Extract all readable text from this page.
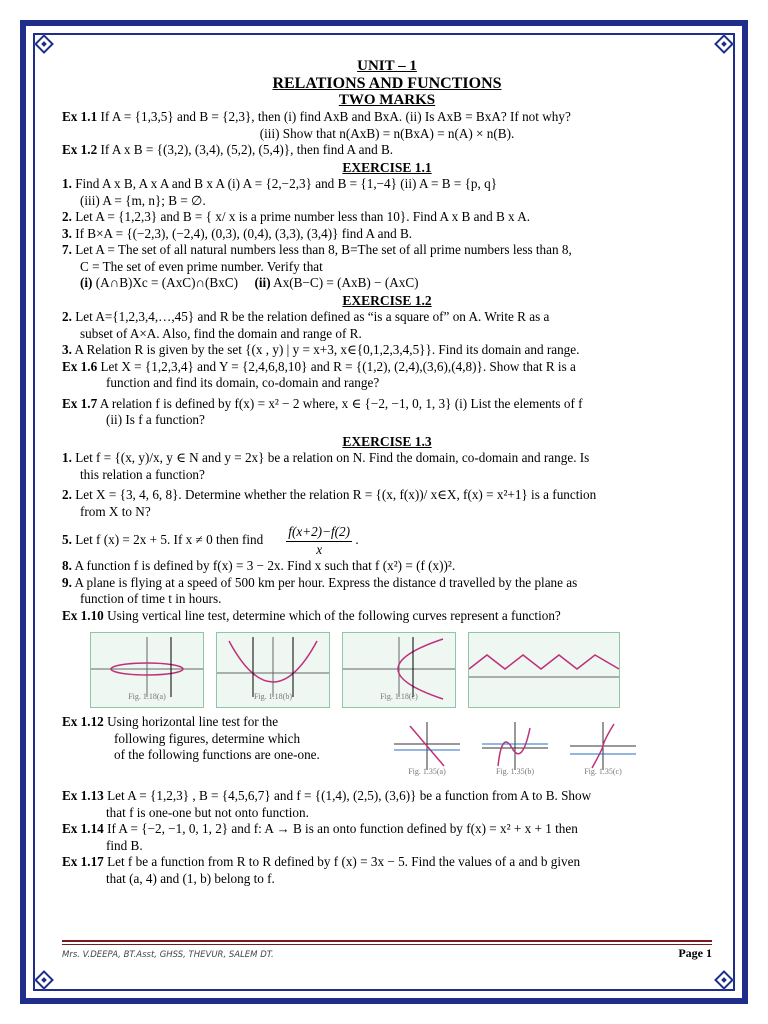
UNIT – 1
RELATIONS AND FUNCTIONS
TWO MARKS

Ex 1.1 If A = {1,3,5} and B = {2,3}, then (i) find AxB and BxA. (ii) Is AxB = BxA? If not why?

(iii) Show that n(AxB) = n(BxA) = n(A) × n(B).

Ex 1.2 If A x B = {(3,2), (3,4), (5,2), (5,4)}, then find A and B.

EXERCISE 1.1

1. Find A x B, A x A and B x A (i) A = {2,−2,3} and B = {1,−4} (ii) A = B = {p, q}

(iii) A = {m, n}; B = ∅.

2. Let A = {1,2,3} and B = { x/ x is a prime number less than 10}. Find A x B and B x A.

3. If B×A = {(−2,3), (−2,4), (0,3), (0,4), (3,3), (3,4)} find A and B.

7. Let A = The set of all natural numbers less than 8, B=The set of all prime numbers less than 8,

C = The set of even prime number. Verify that

(i) (A∩B)Xc = (AxC)∩(BxC) (ii) Ax(B−C) = (AxB) − (AxC)

EXERCISE 1.2

2. Let A={1,2,3,4,…,45} and R be the relation defined as “is a square of” on A. Write R as a

subset of A×A. Also, find the domain and range of R.

3. A Relation R is given by the set {(x , y) | y = x+3, x∈{0,1,2,3,4,5}}. Find its domain and range.

Ex 1.6 Let X = {1,2,3,4} and Y = {2,4,6,8,10} and R = {(1,2), (2,4),(3,6),(4,8)}. Show that R is a

function and find its domain, co-domain and range?

Ex 1.7 A relation f is defined by f(x) = x² − 2 where, x ∈ {−2, −1, 0, 1, 3} (i) List the elements of f

(ii) Is f a function?

EXERCISE 1.3

1. Let f = {(x, y)/x, y ∈ N and y = 2x} be a relation on N. Find the domain, co-domain and range. Is

this relation a function?

2. Let X = {3, 4, 6, 8}. Determine whether the relation R = {(x, f(x))/ x∈X, f(x) = x²+1} is a function

from X to N?

5. Let f (x) = 2x + 5. If x ≠ 0 then find $\frac{f(x+2)-f(2)}{x}$ .

8. A function f is defined by f(x) = 3 − 2x. Find x such that f (x²) = (f (x))².

9. A plane is flying at a speed of 500 km per hour. Express the distance d travelled by the plane as

function of time t in hours.

Ex 1.10 Using vertical line test, determine which of the following curves represent a function?

Fig. 1.18(a)	Fig. 1.18(b)	Fig. 1.18(c)

Ex 1.12 Using horizontal line test for the

following figures, determine which

of the following functions are one-one.

Fig. 1.35(a)	Fig. 1.35(b)	Fig. 1.35(c)

Ex 1.13 Let A = {1,2,3} , B = {4,5,6,7} and f = {(1,4), (2,5), (3,6)} be a function from A to B. Show

that f is one-one but not onto function.

Ex 1.14 If A = {−2, −1, 0, 1, 2} and f: A → B is an onto function defined by f(x) = x² + x + 1 then

find B.

Ex 1.17 Let f be a function from R to R defined by f (x) = 3x − 5. Find the values of a and b given

that (a, 4) and (1, b) belong to f.

Mrs. V.DEEPA, BT.Asst, GHSS, THEVUR, SALEM DT.	Page 1
